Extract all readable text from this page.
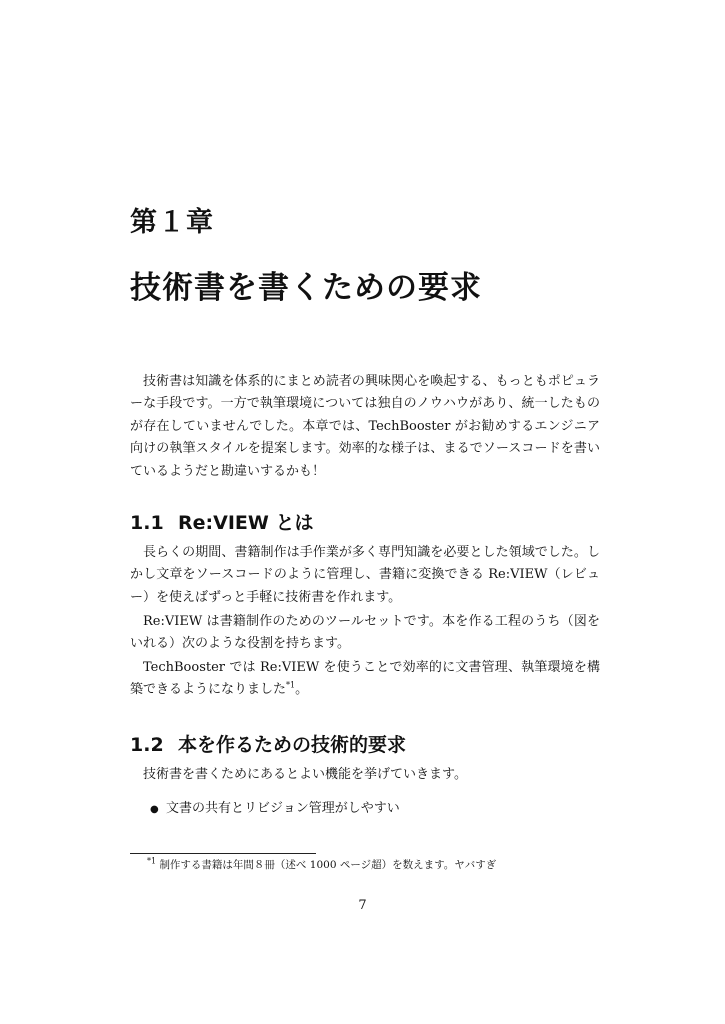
第１章
技術書を書くための要求

技術書は知識を体系的にまとめ読者の興味関心を喚起する、もっともポピュラーな手段です。一方で執筆環境については独自のノウハウがあり、統一したものが存在していませんでした。本章では、TechBooster がお勧めするエンジニア向けの執筆スタイルを提案します。効率的な様子は、まるでソースコードを書いているようだと勘違いするかも！

1.1 Re:VIEW とは

長らくの期間、書籍制作は手作業が多く専門知識を必要とした領域でした。しかし文章をソースコードのように管理し、書籍に変換できる Re:VIEW（レビュー）を使えばずっと手軽に技術書を作れます。

Re:VIEW は書籍制作のためのツールセットです。本を作る工程のうち（図をいれる）次のような役割を持ちます。

TechBooster では Re:VIEW を使うことで効率的に文書管理、執筆環境を構築できるようになりました$^{*1}$。

1.2 本を作るための技術的要求

技術書を書くためにあるとよい機能を挙げていきます。

● 文書の共有とリビジョン管理がしやすい
$^{*1}$ 制作する書籍は年間８冊（述べ 1000 ページ超）を数えます。ヤバすぎ
7
